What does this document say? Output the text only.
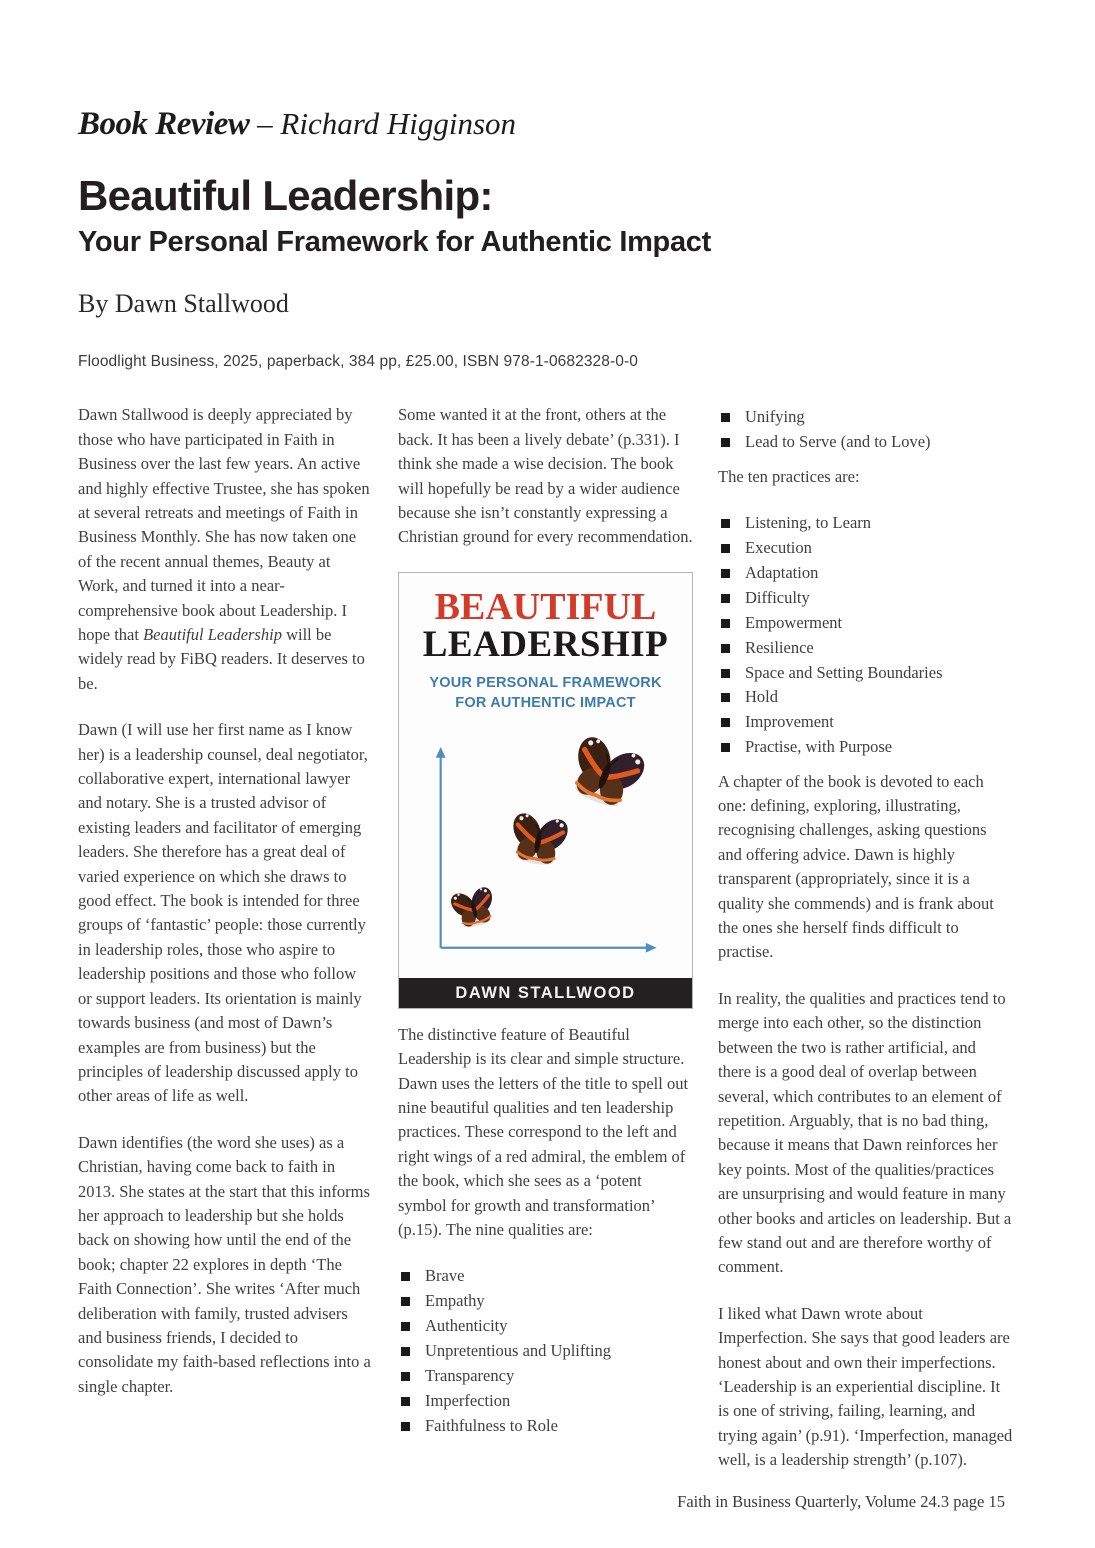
Book Review – Richard Higginson
Beautiful Leadership:
Your Personal Framework for Authentic Impact
By Dawn Stallwood
Floodlight Business, 2025, paperback, 384 pp, £25.00, ISBN 978-1-0682328-0-0

Dawn Stallwood is deeply appreciated by those who have participated in Faith in Business over the last few years. An active and highly effective Trustee, she has spoken at several retreats and meetings of Faith in Business Monthly. She has now taken one of the recent annual themes, Beauty at Work, and turned it into a near-comprehensive book about Leadership. I hope that Beautiful Leadership will be widely read by FiBQ readers. It deserves to be.

Dawn (I will use her first name as I know her) is a leadership counsel, deal negotiator, collaborative expert, international lawyer and notary. She is a trusted advisor of existing leaders and facilitator of emerging leaders. She therefore has a great deal of varied experience on which she draws to good effect. The book is intended for three groups of ‘fantastic’ people: those currently in leadership roles, those who aspire to leadership positions and those who follow or support leaders. Its orientation is mainly towards business (and most of Dawn’s examples are from business) but the principles of leadership discussed apply to other areas of life as well.

Dawn identifies (the word she uses) as a Christian, having come back to faith in 2013. She states at the start that this informs her approach to leadership but she holds back on showing how until the end of the book; chapter 22 explores in depth ‘The Faith Connection’. She writes ‘After much deliberation with family, trusted advisers and business friends, I decided to consolidate my faith-based reflections into a single chapter.

Some wanted it at the front, others at the back. It has been a lively debate’ (p.331). I think she made a wise decision. The book will hopefully be read by a wider audience because she isn’t constantly expressing a Christian ground for every recommendation.

BEAUTIFUL
LEADERSHIP
YOUR PERSONAL FRAMEWORK
FOR AUTHENTIC IMPACT
DAWN STALLWOOD

The distinctive feature of Beautiful Leadership is its clear and simple structure. Dawn uses the letters of the title to spell out nine beautiful qualities and ten leadership practices. These correspond to the left and right wings of a red admiral, the emblem of the book, which she sees as a ‘potent symbol for growth and transformation’ (p.15). The nine qualities are:

Brave
Empathy
Authenticity
Unpretentious and Uplifting
Transparency
Imperfection
Faithfulness to Role
Unifying
Lead to Serve (and to Love)

The ten practices are:

Listening, to Learn
Execution
Adaptation
Difficulty
Empowerment
Resilience
Space and Setting Boundaries
Hold
Improvement
Practise, with Purpose

A chapter of the book is devoted to each one: defining, exploring, illustrating, recognising challenges, asking questions and offering advice. Dawn is highly transparent (appropriately, since it is a quality she commends) and is frank about the ones she herself finds difficult to practise.

In reality, the qualities and practices tend to merge into each other, so the distinction between the two is rather artificial, and there is a good deal of overlap between several, which contributes to an element of repetition. Arguably, that is no bad thing, because it means that Dawn reinforces her key points. Most of the qualities/practices are unsurprising and would feature in many other books and articles on leadership. But a few stand out and are therefore worthy of comment.

I liked what Dawn wrote about Imperfection. She says that good leaders are honest about and own their imperfections. ‘Leadership is an experiential discipline. It is one of striving, failing, learning, and trying again’ (p.91). ‘Imperfection, managed well, is a leadership strength’ (p.107).

Faith in Business Quarterly, Volume 24.3 page 15
